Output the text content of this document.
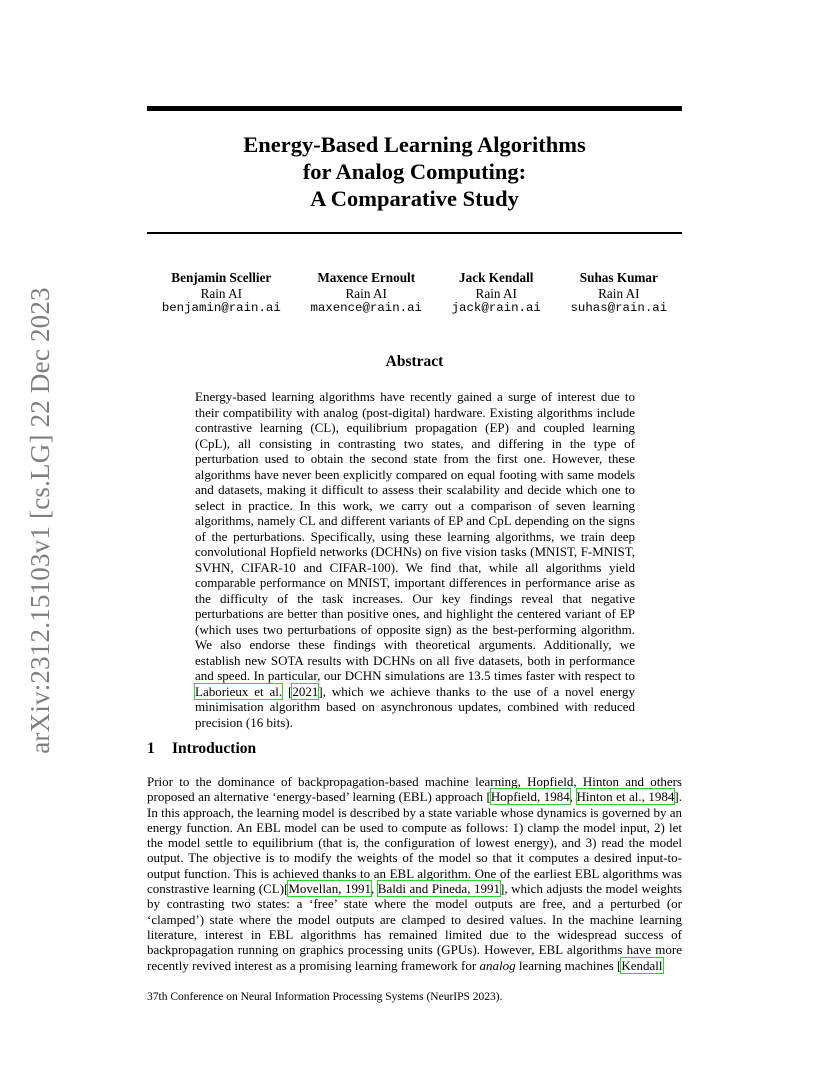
arXiv:2312.15103v1 [cs.LG] 22 Dec 2023
Energy-Based Learning Algorithms
for Analog Computing:
A Comparative Study
Benjamin Scellier
Rain AI
benjamin@rain.ai
Maxence Ernoult
Rain AI
maxence@rain.ai
Jack Kendall
Rain AI
jack@rain.ai
Suhas Kumar
Rain AI
suhas@rain.ai
Abstract
Energy-based learning algorithms have recently gained a surge of interest due to their compatibility with analog (post-digital) hardware. Existing algorithms include contrastive learning (CL), equilibrium propagation (EP) and coupled learning (CpL), all consisting in contrasting two states, and differing in the type of perturbation used to obtain the second state from the first one. However, these algorithms have never been explicitly compared on equal footing with same models and datasets, making it difficult to assess their scalability and decide which one to select in practice. In this work, we carry out a comparison of seven learning algorithms, namely CL and different variants of EP and CpL depending on the signs of the perturbations. Specifically, using these learning algorithms, we train deep convolutional Hopfield networks (DCHNs) on five vision tasks (MNIST, F-MNIST, SVHN, CIFAR-10 and CIFAR-100). We find that, while all algorithms yield comparable performance on MNIST, important differences in performance arise as the difficulty of the task increases. Our key findings reveal that negative perturbations are better than positive ones, and highlight the centered variant of EP (which uses two perturbations of opposite sign) as the best-performing algorithm. We also endorse these findings with theoretical arguments. Additionally, we establish new SOTA results with DCHNs on all five datasets, both in performance and speed. In particular, our DCHN simulations are 13.5 times faster with respect to Laborieux et al. [2021], which we achieve thanks to the use of a novel energy minimisation algorithm based on asynchronous updates, combined with reduced precision (16 bits).
1 Introduction
Prior to the dominance of backpropagation-based machine learning, Hopfield, Hinton and others proposed an alternative ‘energy-based’ learning (EBL) approach [Hopfield, 1984, Hinton et al., 1984]. In this approach, the learning model is described by a state variable whose dynamics is governed by an energy function. An EBL model can be used to compute as follows: 1) clamp the model input, 2) let the model settle to equilibrium (that is, the configuration of lowest energy), and 3) read the model output. The objective is to modify the weights of the model so that it computes a desired input-to-output function. This is achieved thanks to an EBL algorithm. One of the earliest EBL algorithms was constrastive learning (CL)[Movellan, 1991, Baldi and Pineda, 1991], which adjusts the model weights by contrasting two states: a ‘free’ state where the model outputs are free, and a perturbed (or ‘clamped’) state where the model outputs are clamped to desired values. In the machine learning literature, interest in EBL algorithms has remained limited due to the widespread success of backpropagation running on graphics processing units (GPUs). However, EBL algorithms have more recently revived interest as a promising learning framework for analog learning machines [Kendall
37th Conference on Neural Information Processing Systems (NeurIPS 2023).
